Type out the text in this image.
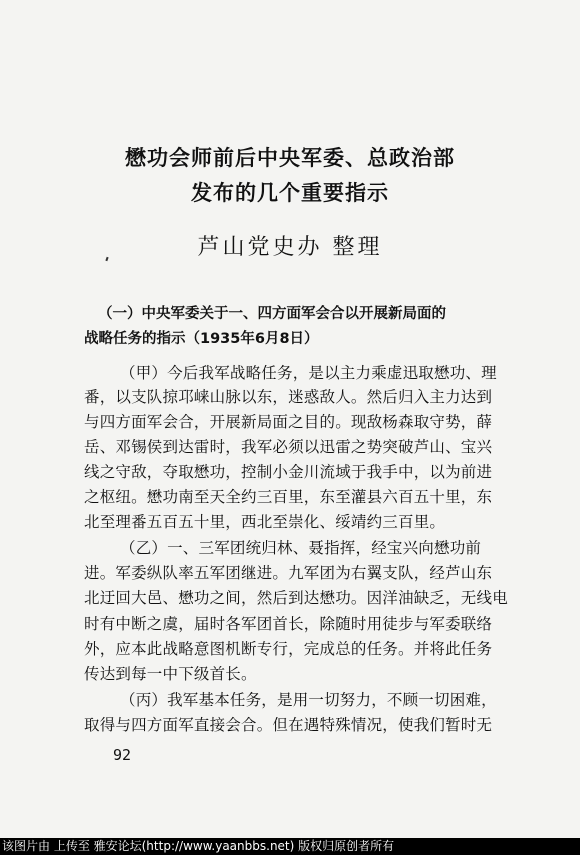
懋功会师前后中央军委、总政治部
发布的几个重要指示
芦山党史办 整理
（一）中央军委关于一、四方面军会合以开展新局面的
战略任务的指示（1935年6月8日）
（甲）今后我军战略任务，是以主力乘虚迅取懋功、理
番，以支队掠邛崃山脉以东，迷惑敌人。然后归入主力达到
与四方面军会合，开展新局面之目的。现敌杨森取守势，薛
岳、邓锡侯到达雷时，我军必须以迅雷之势突破芦山、宝兴
线之守敌，夺取懋功，控制小金川流域于我手中，以为前进
之枢纽。懋功南至天全约三百里，东至灌县六百五十里，东
北至理番五百五十里，西北至崇化、绥靖约三百里。
（乙）一、三军团统归林、聂指挥，经宝兴向懋功前
进。军委纵队率五军团继进。九军团为右翼支队，经芦山东
北迂回大邑、懋功之间，然后到达懋功。因洋油缺乏，无线电
时有中断之虞，届时各军团首长，除随时用徒步与军委联络
外，应本此战略意图机断专行，完成总的任务。并将此任务
传达到每一中下级首长。
（丙）我军基本任务，是用一切努力，不顾一切困难，
取得与四方面军直接会合。但在遇特殊情况，使我们暂时无
92
该图片由 上传至 雅安论坛(http://www.yaanbbs.net) 版权归原创者所有
